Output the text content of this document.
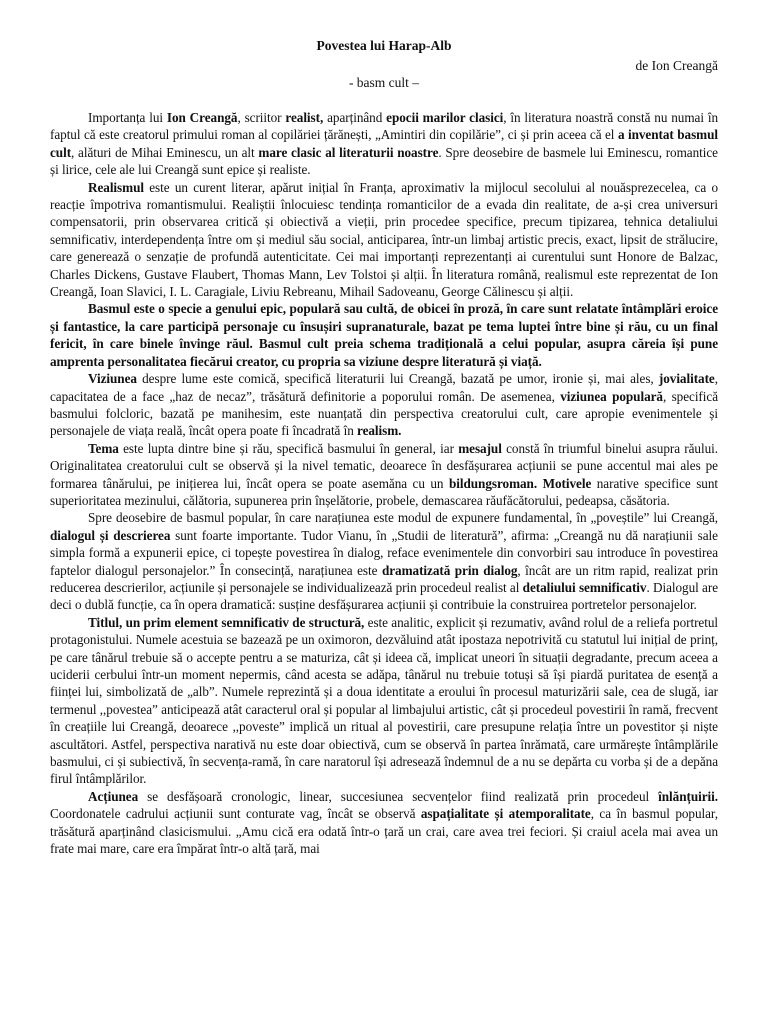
Povestea lui Harap-Alb
de Ion Creangă
- basm cult –

Importanța lui Ion Creangă, scriitor realist, aparținând epocii marilor clasici, în literatura noastră constă nu numai în faptul că este creatorul primului roman al copilăriei țărănești, „Amintiri din copilărie”, ci și prin aceea că el a inventat basmul cult, alături de Mihai Eminescu, un alt mare clasic al literaturii noastre. Spre deosebire de basmele lui Eminescu, romantice și lirice, cele ale lui Creangă sunt epice și realiste.

Realismul este un curent literar, apărut inițial în Franța, aproximativ la mijlocul secolului al nouăsprezecelea, ca o reacție împotriva romantismului. Realiștii înlocuiesc tendința romanticilor de a evada din realitate, de a-și crea universuri compensatorii, prin observarea critică și obiectivă a vieții, prin procedee specifice, precum tipizarea, tehnica detaliului semnificativ, interdependența între om și mediul său social, anticiparea, într-un limbaj artistic precis, exact, lipsit de strălucire, care generează o senzație de profundă autenticitate. Cei mai importanți reprezentanți ai curentului sunt Honore de Balzac, Charles Dickens, Gustave Flaubert, Thomas Mann, Lev Tolstoi și alții. În literatura română, realismul este reprezentat de Ion Creangă, Ioan Slavici, I. L. Caragiale, Liviu Rebreanu, Mihail Sadoveanu, George Călinescu și alții.

Basmul este o specie a genului epic, populară sau cultă, de obicei în proză, în care sunt relatate întâmplări eroice și fantastice, la care participă personaje cu însușiri supranaturale, bazat pe tema luptei între bine și rău, cu un final fericit, în care binele învinge răul. Basmul cult preia schema tradițională a celui popular, asupra căreia își pune amprenta personalitatea fiecărui creator, cu propria sa viziune despre literatură și viață.

Viziunea despre lume este comică, specifică literaturii lui Creangă, bazată pe umor, ironie și, mai ales, jovialitate, capacitatea de a face „haz de necaz”, trăsătură definitorie a poporului român. De asemenea, viziunea populară, specifică basmului folcloric, bazată pe manihesim, este nuanțată din perspectiva creatorului cult, care apropie evenimentele și personajele de viața reală, încât opera poate fi încadrată în realism.

Tema este lupta dintre bine și rău, specifică basmului în general, iar mesajul constă în triumful binelui asupra răului. Originalitatea creatorului cult se observă și la nivel tematic, deoarece în desfășurarea acțiunii se pune accentul mai ales pe formarea tânărului, pe inițierea lui, încât opera se poate asemăna cu un bildungsroman. Motivele narative specifice sunt superioritatea mezinului, călătoria, supunerea prin înșelătorie, probele, demascarea răufăcătorului, pedeapsa, căsătoria.

Spre deosebire de basmul popular, în care narațiunea este modul de expunere fundamental, în „poveștile” lui Creangă, dialogul și descrierea sunt foarte importante. Tudor Vianu, în „Studii de literatură”, afirma: „Creangă nu dă narațiunii sale simpla formă a expunerii epice, ci topește povestirea în dialog, reface evenimentele din convorbiri sau introduce în povestirea faptelor dialogul personajelor.” În consecință, narațiunea este dramatizată prin dialog, încât are un ritm rapid, realizat prin reducerea descrierilor, acțiunile și personajele se individualizează prin procedeul realist al detaliului semnificativ. Dialogul are deci o dublă funcție, ca în opera dramatică: susține desfășurarea acțiunii și contribuie la construirea portretelor personajelor.

Titlul, un prim element semnificativ de structură, este analitic, explicit și rezumativ, având rolul de a reliefa portretul protagonistului. Numele acestuia se bazează pe un oximoron, dezvăluind atât ipostaza nepotrivită cu statutul lui inițial de prinț, pe care tânărul trebuie să o accepte pentru a se maturiza, cât și ideea că, implicat uneori în situații degradante, precum aceea a uciderii cerbului într-un moment nepermis, când acesta se adăpa, tânărul nu trebuie totuși să își piardă puritatea de esență a ființei lui, simbolizată de „alb”. Numele reprezintă și a doua identitate a eroului în procesul maturizării sale, cea de slugă, iar termenul ,,povestea” anticipează atât caracterul oral și popular al limbajului artistic, cât și procedeul povestirii în ramă, frecvent în creațiile lui Creangă, deoarece ,,poveste” implică un ritual al povestirii, care presupune relația între un povestitor și niște ascultători. Astfel, perspectiva narativă nu este doar obiectivă, cum se observă în partea înrămată, care urmărește întâmplările basmului, ci și subiectivă, în secvența-ramă, în care naratorul își adresează îndemnul de a nu se depărta cu vorba și de a depăna firul întâmplărilor.

Acțiunea se desfășoară cronologic, linear, succesiunea secvențelor fiind realizată prin procedeul înlănțuirii. Coordonatele cadrului acțiunii sunt conturate vag, încât se observă aspațialitate și atemporalitate, ca în basmul popular, trăsătură aparținând clasicismului. „Amu cică era odată într-o țară un crai, care avea trei feciori. Și craiul acela mai avea un frate mai mare, care era împărat într-o altă țară, mai
